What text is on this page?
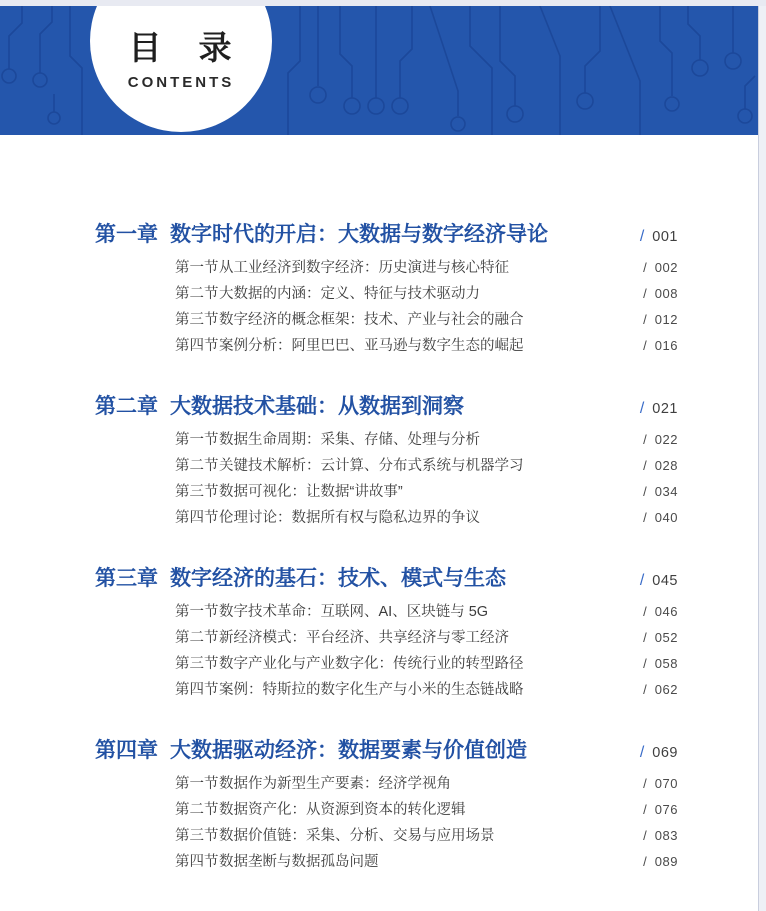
目　录
CONTENTS
第一章 数字时代的开启：大数据与数字经济导论	/ 001
第一节 从工业经济到数字经济：历史演进与核心特征	/ 002
第二节 大数据的内涵：定义、特征与技术驱动力	/ 008
第三节 数字经济的概念框架：技术、产业与社会的融合	/ 012
第四节 案例分析：阿里巴巴、亚马逊与数字生态的崛起	/ 016
第二章 大数据技术基础：从数据到洞察	/ 021
第一节 数据生命周期：采集、存储、处理与分析	/ 022
第二节 关键技术解析：云计算、分布式系统与机器学习	/ 028
第三节 数据可视化：让数据“讲故事”	/ 034
第四节 伦理讨论：数据所有权与隐私边界的争议	/ 040
第三章 数字经济的基石：技术、模式与生态	/ 045
第一节 数字技术革命：互联网、AI、区块链与 5G	/ 046
第二节 新经济模式：平台经济、共享经济与零工经济	/ 052
第三节 数字产业化与产业数字化：传统行业的转型路径	/ 058
第四节 案例：特斯拉的数字化生产与小米的生态链战略	/ 062
第四章 大数据驱动经济：数据要素与价值创造	/ 069
第一节 数据作为新型生产要素：经济学视角	/ 070
第二节 数据资产化：从资源到资本的转化逻辑	/ 076
第三节 数据价值链：采集、分析、交易与应用场景	/ 083
第四节 数据垄断与数据孤岛问题	/ 089
